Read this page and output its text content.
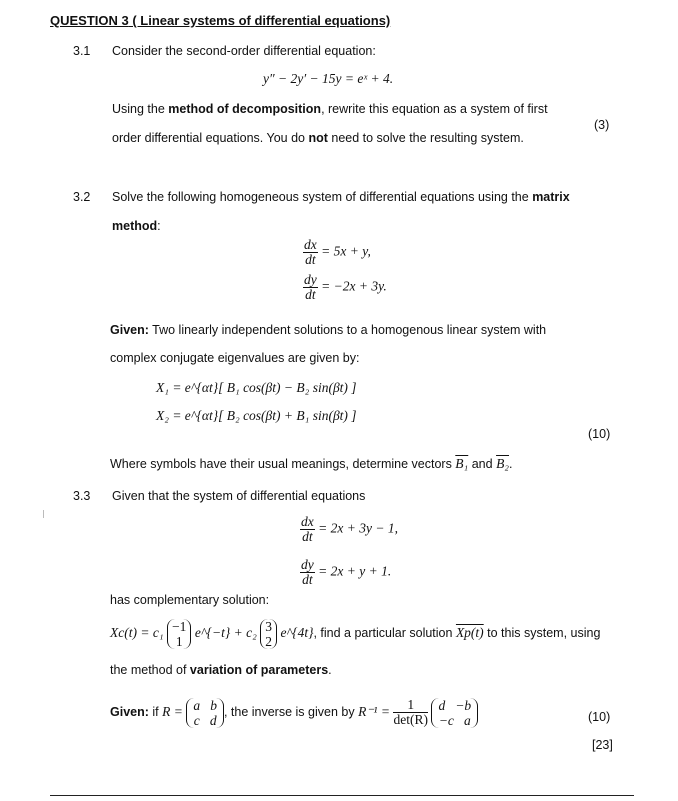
QUESTION 3 ( Linear systems of differential equations)
3.1 Consider the second-order differential equation:
y″ − 2y′ − 15y = eˣ + 4.
Using the method of decomposition, rewrite this equation as a system of first
order differential equations. You do not need to solve the resulting system.
(3)
3.2 Solve the following homogeneous system of differential equations using the matrix
method:
$\frac{dx}{dt} = 5x + y$,
$\frac{dy}{dt} = -2x + 3y$.
Given: Two linearly independent solutions to a homogenous linear system with
complex conjugate eigenvalues are given by:
X₁ = e^{αt}[ B₁ cos(βt) − B₂ sin(βt) ]
X₂ = e^{αt}[ B₂ cos(βt) + B₁ sin(βt) ]
(10)
Where symbols have their usual meanings, determine vectors B₁ and B₂.
3.3 Given that the system of differential equations
$\frac{dx}{dt} = 2x + 3y - 1$,
$\frac{dy}{dt} = 2x + y + 1$.
has complementary solution:
Xc(t) = c₁ −1
1
e^{−t} + c₂ 3
2
e^{4t}, find a particular solution Xp(t) to this system, using
the method of variation of parameters.
Given: if R = a b
c d
, the inverse is given by $R^{-1} = \frac{1}{\det(R)}$
d −b
−c a	(10)
[23]
